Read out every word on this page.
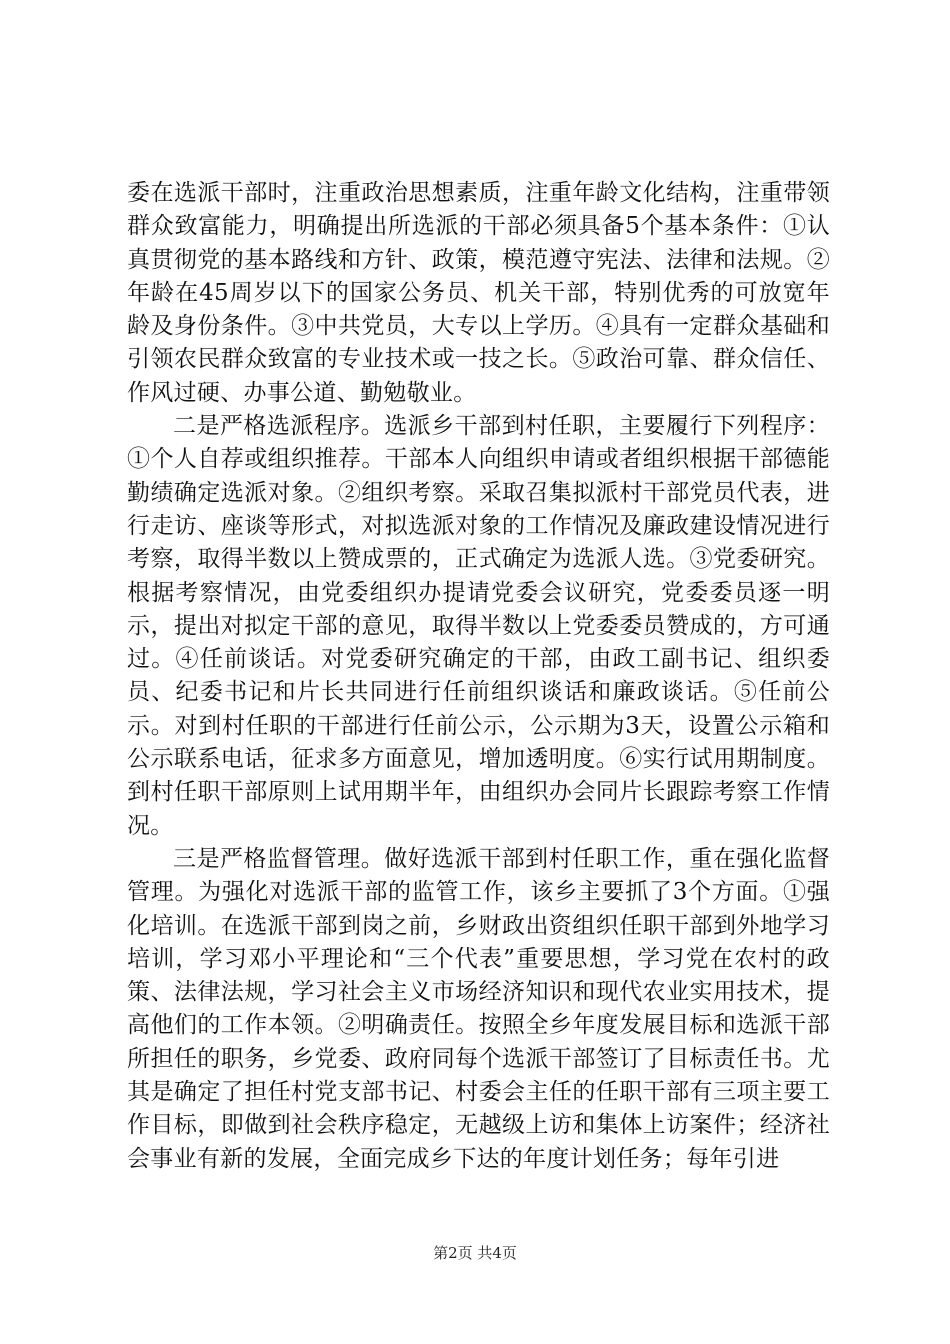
委在选派干部时，注重政治思想素质，注重年龄文化结构，注重带领群众致富能力，明确提出所选派的干部必须具备5个基本条件：①认真贯彻党的基本路线和方针、政策，模范遵守宪法、法律和法规。②年龄在45周岁以下的国家公务员、机关干部，特别优秀的可放宽年龄及身份条件。③中共党员，大专以上学历。④具有一定群众基础和引领农民群众致富的专业技术或一技之长。⑤政治可靠、群众信任、作风过硬、办事公道、勤勉敬业。

二是严格选派程序。选派乡干部到村任职，主要履行下列程序：①个人自荐或组织推荐。干部本人向组织申请或者组织根据干部德能勤绩确定选派对象。②组织考察。采取召集拟派村干部党员代表，进行走访、座谈等形式，对拟选派对象的工作情况及廉政建设情况进行考察，取得半数以上赞成票的，正式确定为选派人选。③党委研究。根据考察情况，由党委组织办提请党委会议研究，党委委员逐一明示，提出对拟定干部的意见，取得半数以上党委委员赞成的，方可通过。④任前谈话。对党委研究确定的干部，由政工副书记、组织委员、纪委书记和片长共同进行任前组织谈话和廉政谈话。⑤任前公示。对到村任职的干部进行任前公示，公示期为3天，设置公示箱和公示联系电话，征求多方面意见，增加透明度。⑥实行试用期制度。到村任职干部原则上试用期半年，由组织办会同片长跟踪考察工作情况。

三是严格监督管理。做好选派干部到村任职工作，重在强化监督管理。为强化对选派干部的监管工作，该乡主要抓了3个方面。①强化培训。在选派干部到岗之前，乡财政出资组织任职干部到外地学习培训，学习邓小平理论和“三个代表”重要思想，学习党在农村的政策、法律法规，学习社会主义市场经济知识和现代农业实用技术，提高他们的工作本领。②明确责任。按照全乡年度发展目标和选派干部所担任的职务，乡党委、政府同每个选派干部签订了目标责任书。尤其是确定了担任村党支部书记、村委会主任的任职干部有三项主要工作目标，即做到社会秩序稳定，无越级上访和集体上访案件；经济社会事业有新的发展，全面完成乡下达的年度计划任务；每年引进

第2页 共4页
